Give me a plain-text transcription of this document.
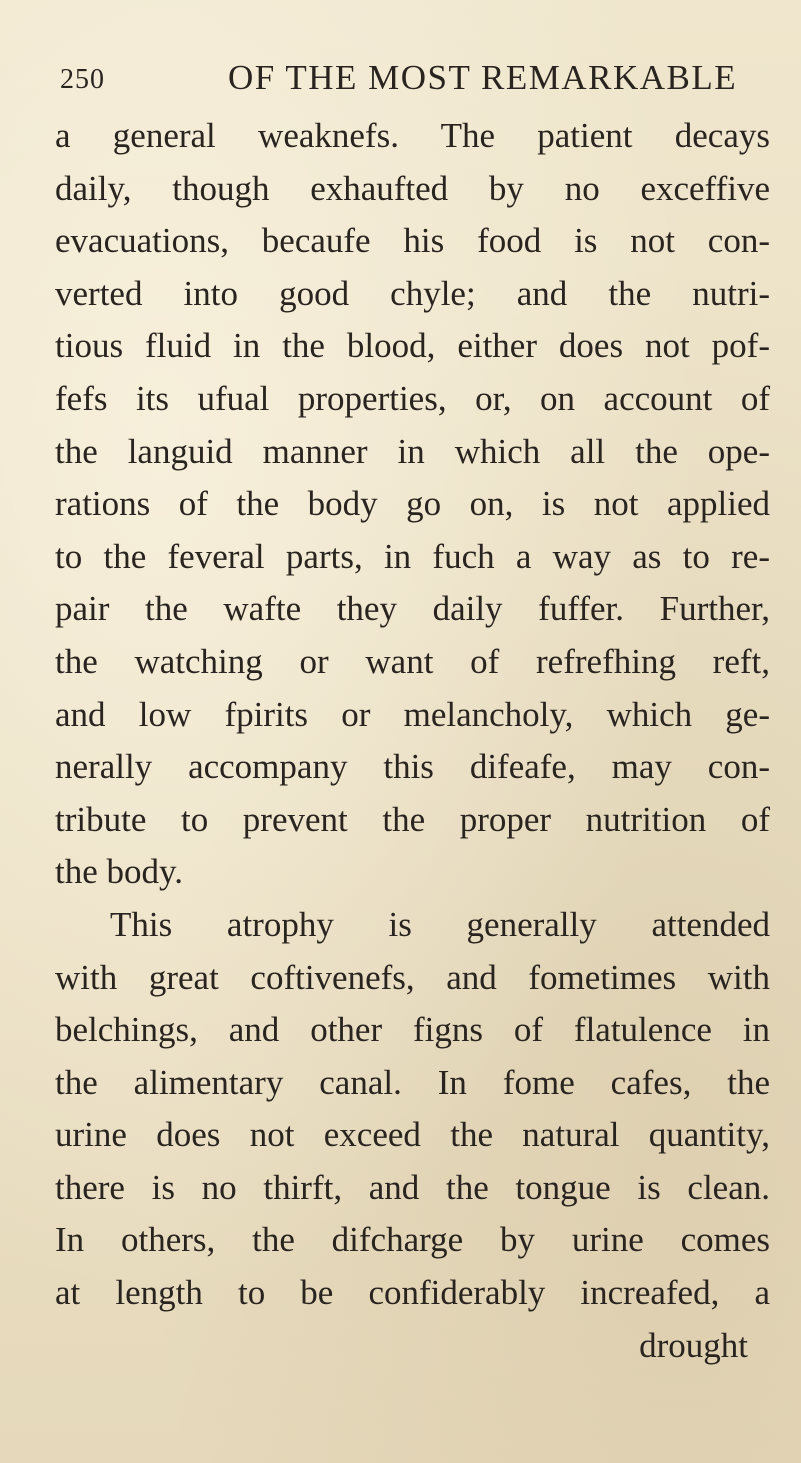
250	OF THE MOST REMARKABLE
a general weaknefs. The patient decays
daily, though exhaufted by no exceffive
evacuations, becaufe his food is not con-
verted into good chyle; and the nutri-
tious fluid in the blood, either does not pof-
fefs its ufual properties, or, on account of
the languid manner in which all the ope-
rations of the body go on, is not applied
to the feveral parts, in fuch a way as to re-
pair the wafte they daily fuffer. Further,
the watching or want of refrefhing reft,
and low fpirits or melancholy, which ge-
nerally accompany this difeafe, may con-
tribute to prevent the proper nutrition of
the body.
This atrophy is generally attended
with great coftivenefs, and fometimes with
belchings, and other figns of flatulence in
the alimentary canal. In fome cafes, the
urine does not exceed the natural quantity,
there is no thirft, and the tongue is clean.
In others, the difcharge by urine comes
at length to be confiderably increafed, a
drought
